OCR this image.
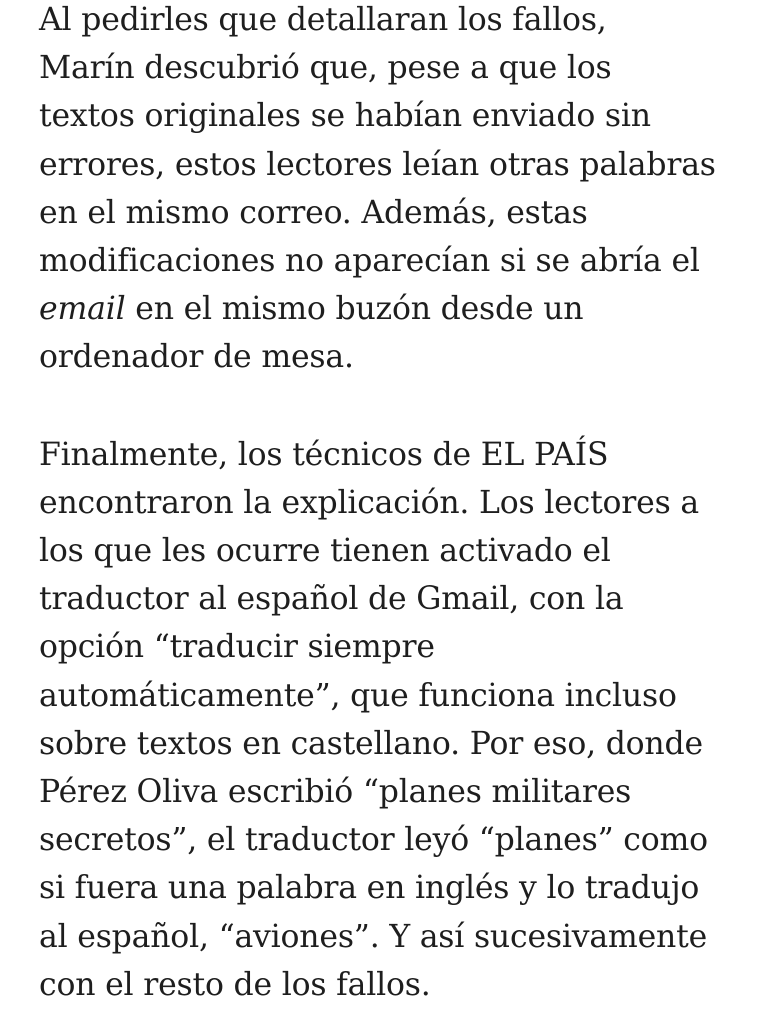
Al pedirles que detallaran los fallos,
Marín descubrió que, pese a que los
textos originales se habían enviado sin
errores, estos lectores leían otras palabras
en el mismo correo. Además, estas
modificaciones no aparecían si se abría el
email en el mismo buzón desde un
ordenador de mesa.

Finalmente, los técnicos de EL PAÍS
encontraron la explicación. Los lectores a
los que les ocurre tienen activado el
traductor al español de Gmail, con la
opción “traducir siempre
automáticamente”, que funciona incluso
sobre textos en castellano. Por eso, donde
Pérez Oliva escribió “planes militares
secretos”, el traductor leyó “planes” como
si fuera una palabra en inglés y lo tradujo
al español, “aviones”. Y así sucesivamente
con el resto de los fallos.
